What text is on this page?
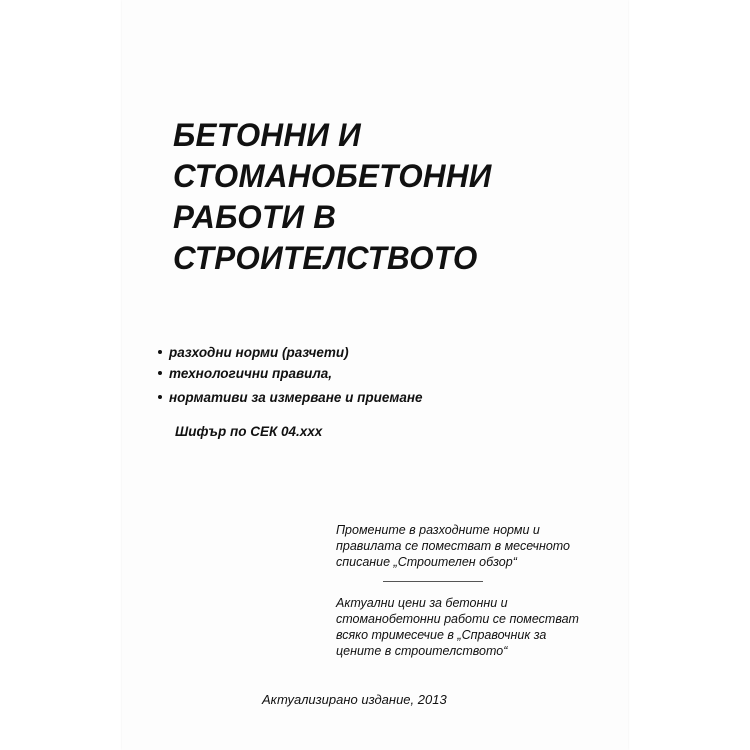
БЕТОННИ И
СТОМАНОБЕТОННИ
РАБОТИ В
СТРОИТЕЛСТВОТО
разходни норми (разчети)
технологични правила,
нормативи за измерване и приемане
Шифър по СЕК 04.ххх
Промените в разходните норми и
правилата се поместват в месечното
списание „Строителен обзор“
Актуални цени за бетонни и
стоманобетонни работи се поместват
всяко тримесечие в „Справочник за
цените в строителството“
Актуализирано издание, 2013
